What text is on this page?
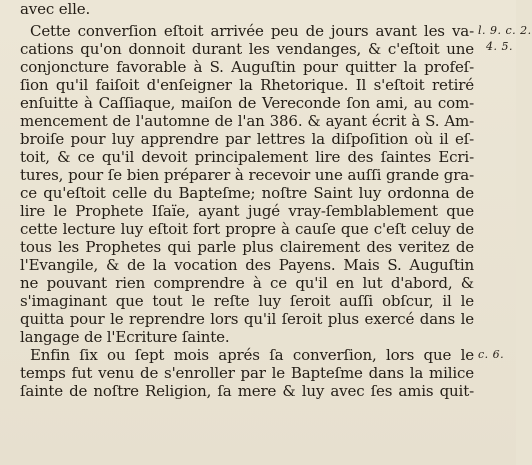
avec elle.
Cette converſion eſtoit arrivée peu de jours avant les va-
cations qu'on donnoit durant les vendanges, & c'eſtoit une
conjoncture favorable à S. Auguſtin pour quitter la profeſ-
ſion qu'il faiſoit d'enſeigner la Rhetorique. Il s'eſtoit retiré
enſuitte à Caſſiaque, maiſon de Vereconde ſon ami, au com-
mencement de l'automne de l'an 386. & ayant écrit à S. Am-
broiſe pour luy apprendre par lettres la diſpoſition où il eſ-
toit, & ce qu'il devoit principalement lire des ſaintes Ecri-
tures, pour ſe bien préparer à recevoir une auſſi grande gra-
ce qu'eſtoit celle du Bapteſme; noſtre Saint luy ordonna de
lire le Prophete Iſaïe, ayant jugé vray-ſemblablement que
cette lecture luy eſtoit fort propre à cauſe que c'eſt celuy de
tous les Prophetes qui parle plus clairement des veritez de
l'Evangile, & de la vocation des Payens. Mais S. Auguſtin
ne pouvant rien comprendre à ce qu'il en lut d'abord, &
s'imaginant que tout le reſte luy ſeroit auſſi obſcur, il le
quitta pour le reprendre lors qu'il ſeroit plus exercé dans le
langage de l'Ecriture ſainte.
Enfin ſix ou ſept mois aprés ſa converſion, lors que le
temps fut venu de s'enroller par le Bapteſme dans la milice
ſainte de noſtre Religion, ſa mere & luy avec ſes amis quit-
l. 9. c. 2.
4. 5.
c. 6.
